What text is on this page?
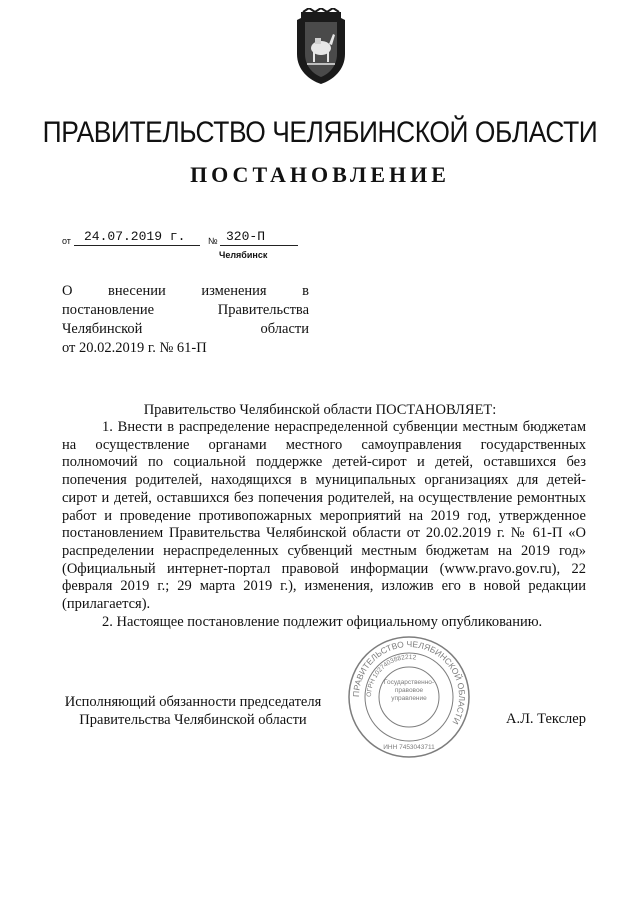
ПРАВИТЕЛЬСТВО ЧЕЛЯБИНСКОЙ ОБЛАСТИ
ПОСТАНОВЛЕНИЕ
от 24.07.2019 г.	№ 320-П
Челябинск
О внесении изменения в
постановление Правительства
Челябинской области
от 20.02.2019 г. № 61-П
Правительство Челябинской области ПОСТАНОВЛЯЕТ:

1. Внести в распределение нераспределенной субвенции местным бюджетам на осуществление органами местного самоуправления государственных полномочий по социальной поддержке детей-сирот и детей, оставшихся без попечения родителей, находящихся в муниципальных организациях для детей-сирот и детей, оставшихся без попечения родителей, на осуществление ремонтных работ и проведение противопожарных мероприятий на 2019 год, утвержденное постановлением Правительства Челябинской области от 20.02.2019 г. № 61-П «О распределении нераспределенных субвенций местным бюджетам на 2019 год» (Официальный интернет-портал правовой информации (www.pravo.gov.ru), 22 февраля 2019 г.; 29 марта 2019 г.), изменения, изложив его в новой редакции (прилагается).

2. Настоящее постановление подлежит официальному опубликованию.

Исполняющий обязанности председателя
Правительства Челябинской области	А.Л. Текслер
ПРАВИТЕЛЬСТВО ЧЕЛЯБИНСКОЙ ОБЛАСТИ
ОГРН 1027403882212
ИНН 7453043711
Государственно-правовое управление
